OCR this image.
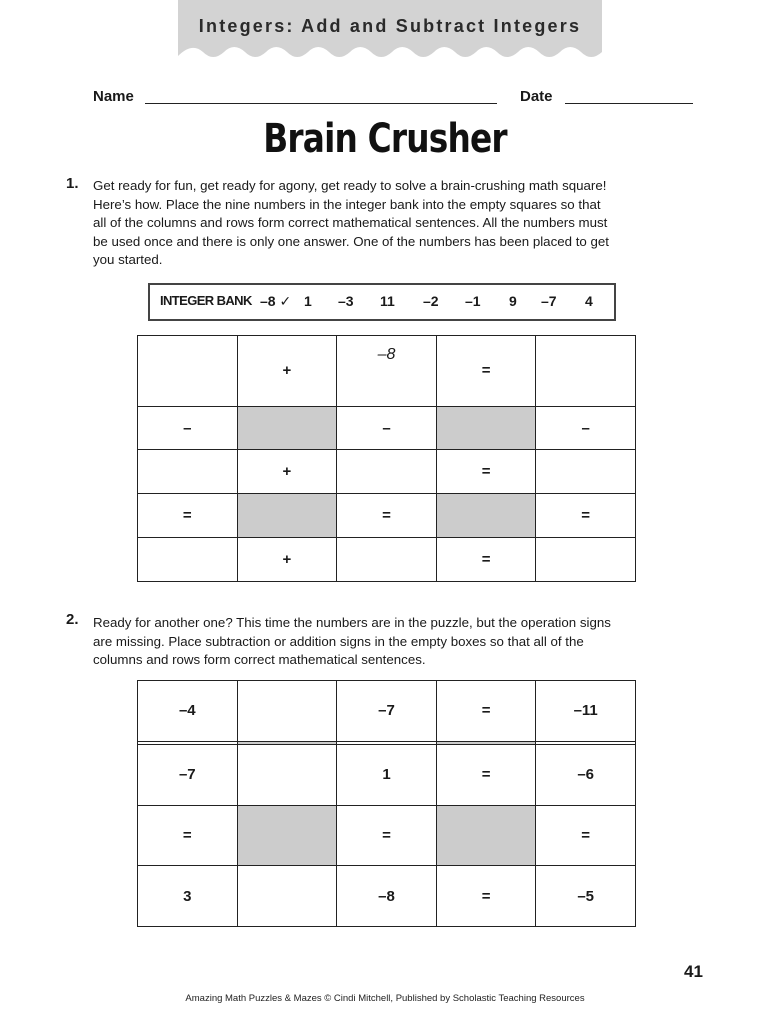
Integers: Add and Subtract Integers
Name	Date
Brain Crusher
1. Get ready for fun, get ready for agony, get ready to solve a brain-crushing math square!

Here’s how. Place the nine numbers in the integer bank into the empty squares so that

all of the columns and rows form correct mathematical sentences. All the numbers must

be used once and there is only one answer. One of the numbers has been placed to get

you started.

INTEGER BANK –8 ✓ 1 –3 11 –2 –1 9 –7 4
	+	–8	=	
–		–		–
	+		=	
=		=		=
	+		=	
2. Ready for another one? This time the numbers are in the puzzle, but the operation signs

are missing. Place subtraction or addition signs in the empty boxes so that all of the

columns and rows form correct mathematical sentences.

–4		–7	=	–11

–7		1	=	–6
=		=		=
3		–8	=	–5
41
Amazing Math Puzzles & Mazes © Cindi Mitchell, Published by Scholastic Teaching Resources
